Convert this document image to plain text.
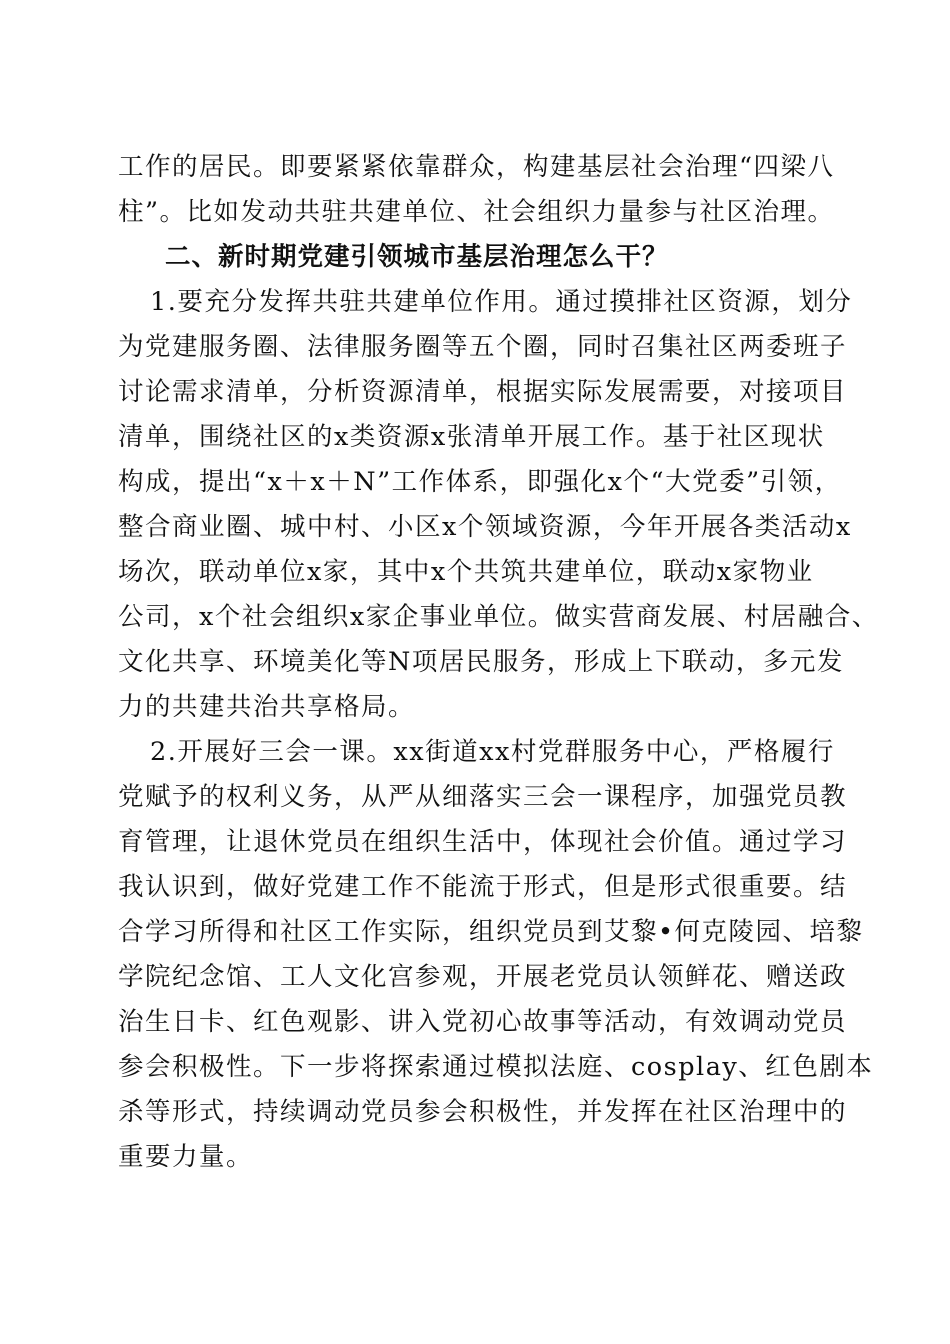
工作的居民。即要紧紧依靠群众，构建基层社会治理“四梁八
柱”。比如发动共驻共建单位、社会组织力量参与社区治理。
二、新时期党建引领城市基层治理怎么干？
1.要充分发挥共驻共建单位作用。通过摸排社区资源，划分
为党建服务圈、法律服务圈等五个圈，同时召集社区两委班子
讨论需求清单，分析资源清单，根据实际发展需要，对接项目
清单，围绕社区的x类资源x张清单开展工作。基于社区现状
构成，提出“x＋x＋N”工作体系，即强化x个“大党委”引领，
整合商业圈、城中村、小区x个领域资源，今年开展各类活动x
场次，联动单位x家，其中x个共筑共建单位，联动x家物业
公司，x个社会组织x家企事业单位。做实营商发展、村居融合、
文化共享、环境美化等N项居民服务，形成上下联动，多元发
力的共建共治共享格局。
2.开展好三会一课。xx街道xx村党群服务中心，严格履行
党赋予的权利义务，从严从细落实三会一课程序，加强党员教
育管理，让退休党员在组织生活中，体现社会价值。通过学习
我认识到，做好党建工作不能流于形式，但是形式很重要。结
合学习所得和社区工作实际，组织党员到艾黎•何克陵园、培黎
学院纪念馆、工人文化宫参观，开展老党员认领鲜花、赠送政
治生日卡、红色观影、讲入党初心故事等活动，有效调动党员
参会积极性。下一步将探索通过模拟法庭、cosplay、红色剧本
杀等形式，持续调动党员参会积极性，并发挥在社区治理中的
重要力量。
